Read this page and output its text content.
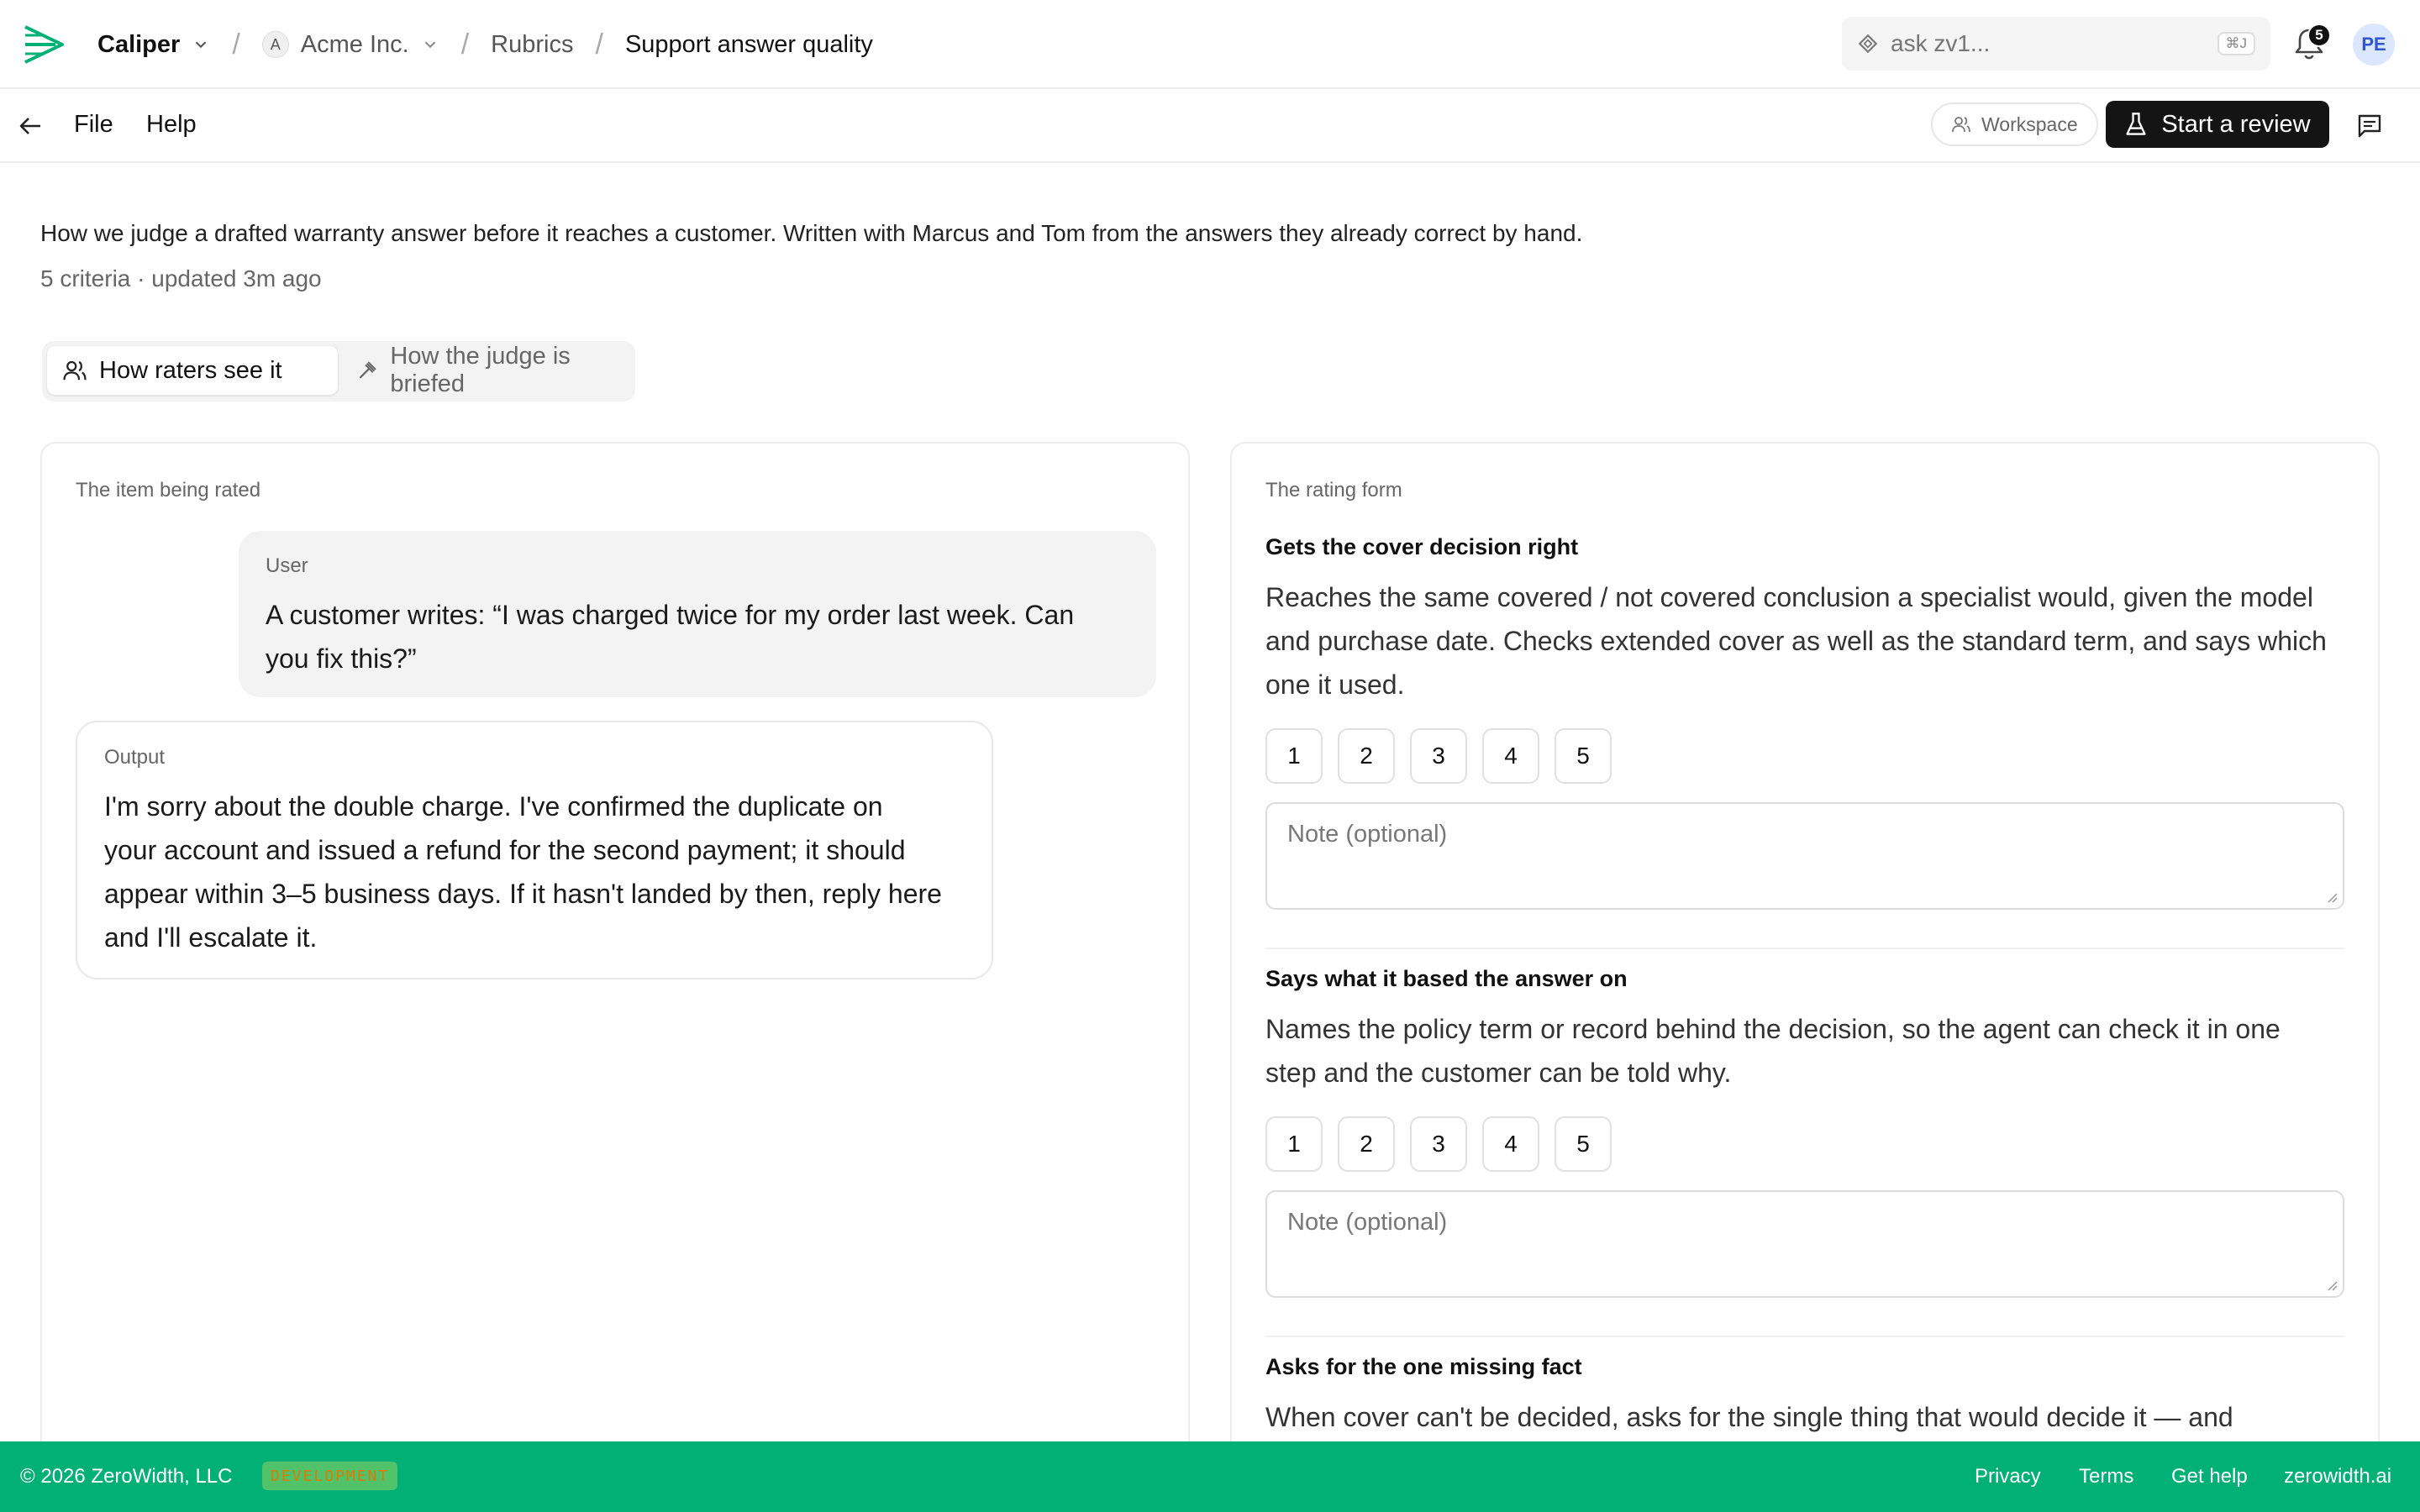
Caliper /	A Acme Inc. / Rubrics / Support answer quality
ask zv1...	⌘J
5	PE
File Help	Workspace	Start a review
How we judge a drafted warranty answer before it reaches a customer. Written with Marcus and Tom from the answers they already correct by hand.
5 criteria · updated 3m ago
How raters see it
How the judge is briefed
The item being rated
User
A customer writes: “I was charged twice for my order last week. Can
you fix this?”
Output
I'm sorry about the double charge. I've confirmed the duplicate on
your account and issued a refund for the second payment; it should
appear within 3–5 business days. If it hasn't landed by then, reply here
and I'll escalate it.
The rating form
Gets the cover decision right
Reaches the same covered / not covered conclusion a specialist would, given the model
and purchase date. Checks extended cover as well as the standard term, and says which
one it used.
1	2	3	4	5
Note (optional)
Says what it based the answer on
Names the policy term or record behind the decision, so the agent can check it in one
step and the customer can be told why.
1	2	3	4	5
Note (optional)
Asks for the one missing fact
When cover can't be decided, asks for the single thing that would decide it — and
© 2026 ZeroWidth, LLC	DEVELOPMENT	Privacy Terms Get help zerowidth.ai
